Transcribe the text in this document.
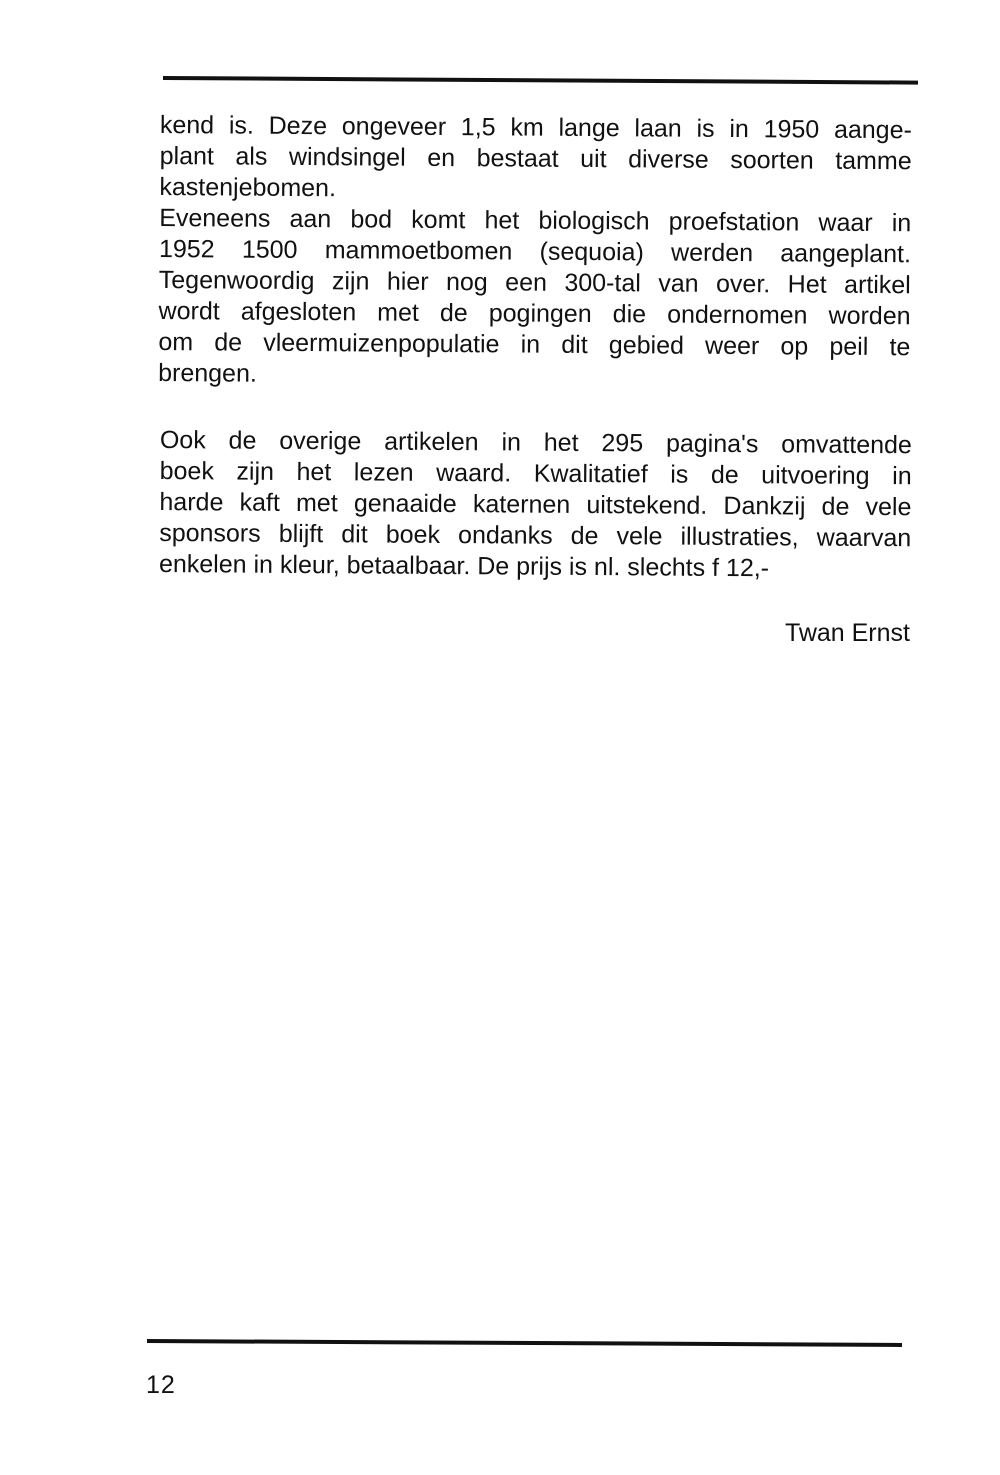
kend is. Deze ongeveer 1,5 km lange laan is in 1950 aange-
plant als windsingel en bestaat uit diverse soorten tamme
kastenjebomen.
Eveneens aan bod komt het biologisch proefstation waar in
1952 1500 mammoetbomen (sequoia) werden aangeplant.
Tegenwoordig zijn hier nog een 300-tal van over. Het artikel
wordt afgesloten met de pogingen die ondernomen worden
om de vleermuizenpopulatie in dit gebied weer op peil te
brengen.
Ook de overige artikelen in het 295 pagina's omvattende
boek zijn het lezen waard. Kwalitatief is de uitvoering in
harde kaft met genaaide katernen uitstekend. Dankzij de vele
sponsors blijft dit boek ondanks de vele illustraties, waarvan
enkelen in kleur, betaalbaar. De prijs is nl. slechts f 12,-
Twan Ernst
12
